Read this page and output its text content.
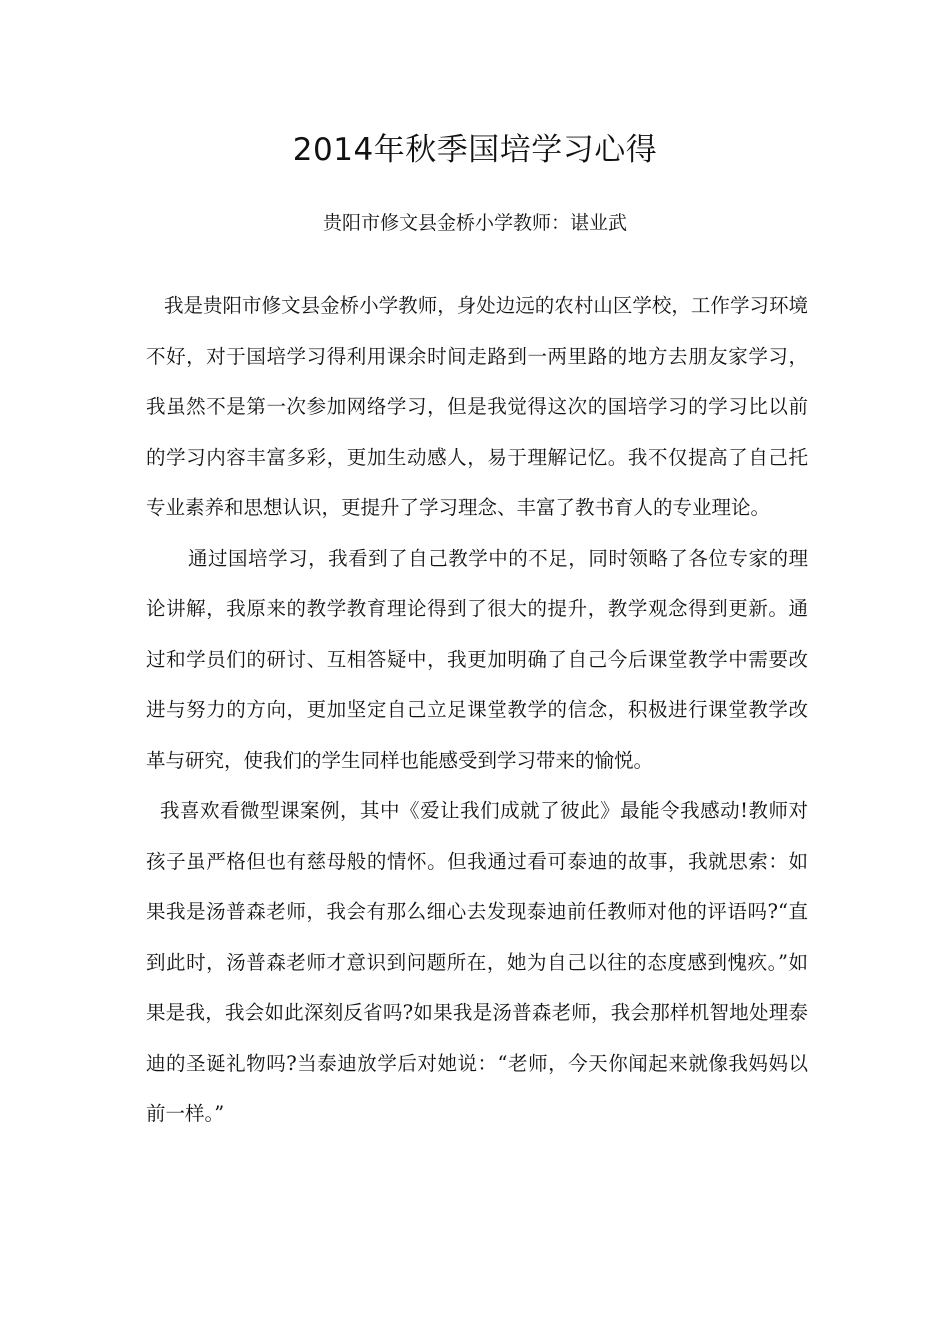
2014年秋季国培学习心得

贵阳市修文县金桥小学教师：谌业武

我是贵阳市修文县金桥小学教师，身处边远的农村山区学校，工作学习环境不好，对于国培学习得利用课余时间走路到一两里路的地方去朋友家学习，我虽然不是第一次参加网络学习，但是我觉得这次的国培学习的学习比以前的学习内容丰富多彩，更加生动感人，易于理解记忆。我不仅提高了自己托专业素养和思想认识，更提升了学习理念、丰富了教书育人的专业理论。

通过国培学习，我看到了自己教学中的不足，同时领略了各位专家的理论讲解，我原来的教学教育理论得到了很大的提升，教学观念得到更新。通过和学员们的研讨、互相答疑中，我更加明确了自己今后课堂教学中需要改进与努力的方向，更加坚定自己立足课堂教学的信念，积极进行课堂教学改革与研究，使我们的学生同样也能感受到学习带来的愉悦。

我喜欢看微型课案例，其中《爱让我们成就了彼此》最能令我感动!教师对孩子虽严格但也有慈母般的情怀。但我通过看可泰迪的故事，我就思索：如果我是汤普森老师，我会有那么细心去发现泰迪前任教师对他的评语吗?“直到此时，汤普森老师才意识到问题所在，她为自己以往的态度感到愧疚。”如果是我，我会如此深刻反省吗?如果我是汤普森老师，我会那样机智地处理泰迪的圣诞礼物吗?当泰迪放学后对她说：“老师，今天你闻起来就像我妈妈以前一样。”
